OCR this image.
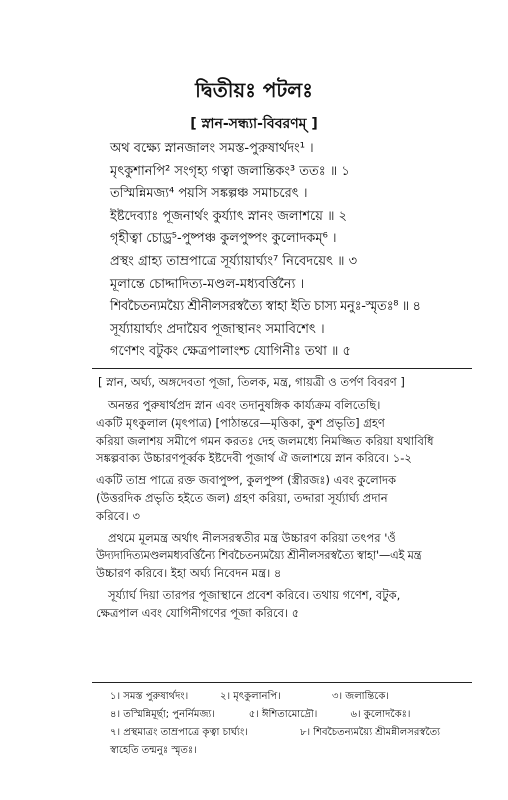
দ্বিতীয়ঃ পটলঃ
[ স্নান-সন্ধ্যা-বিবরণম্ ]
অথ বক্ষ্যে স্নানজালং সমস্ত-পুরুষার্থদং¹ ।
মৃৎকুশানপি² সংগৃহ্য গত্বা জলান্তিকং³ ততঃ ॥ ১
তস্মিন্নিমজ্য⁴ পয়সি সঙ্কল্পঞ্চ সমাচরেৎ ।
ইষ্টদেব্যাঃ পূজনার্থং কুর্য্যাৎ স্নানং জলাশয়ে ॥ ২
গৃহীত্বা চোড্র⁵-পুষ্পঞ্চ কুলপুষ্পং কুলোদকম্⁶ ।
প্রস্থং গ্রাহ্য তাম্রপাত্রে সূর্য্যায়ার্ঘ্যং⁷ নিবেদয়েৎ ॥ ৩
মূলান্তে চোদ্দাদিত্য-মণ্ডল-মধ্যবর্ত্তিন্যৈ ।
শিবচৈতন্যময়্যৈ শ্রীনীলসরস্বত্যৈ স্বাহা ইতি চাস্য মনুঃ-স্মৃতঃ⁸ ॥ ৪
সূর্য্যায়ার্ঘ্যং প্রদায়ৈব পূজাস্থানং সমাবিশেৎ ।
গণেশং বটুকং ক্ষেত্রপালাংশ্চ যোগিনীঃ তথা ॥ ৫
[ স্নান, অর্ঘ্য, অঙ্গদেবতা পূজা, তিলক, মন্ত্র, গায়ত্রী ও তর্পণ বিবরণ ]
অনন্তর পুরুষার্থপ্রদ স্নান এবং তদানুষঙ্গিক কার্য্যক্রম বলিতেছি।
একটি মৃৎকুলাল (মৃৎপাত্র) [পাঠান্তরে—মৃত্তিকা, কুশ প্রভৃতি] গ্রহণ
করিয়া জলাশয় সমীপে গমন করতঃ দেহ জলমধ্যে নিমজ্জিত করিয়া যথাবিধি
সঙ্কল্পবাক্য উচ্চারণপূর্ব্বক ইষ্টদেবী পূজার্থ ঐ জলাশয়ে স্নান করিবে। ১-২
একটি তাম্র পাত্রে রক্ত জবাপুষ্প, কুলপুষ্প (স্ত্রীরজঃ) এবং কুলোদক
(উত্তরদিক প্রভৃতি হইতে জল) গ্রহণ করিয়া, তদ্দারা সূর্য্যার্ঘ্য প্রদান
করিবে। ৩
প্রথমে মূলমন্ত্র অর্থাৎ নীলসরস্বতীর মন্ত্র উচ্চারণ করিয়া তৎপর 'ওঁ
উদ্যদাদিত্যমণ্ডলমধ্যবর্ত্তিন্যৈ শিবচৈতন্যময়্যৈ শ্রীনীলসরস্বত্যৈ স্বাহা'—এই মন্ত্র
উচ্চারণ করিবে। ইহা অর্ঘ্য নিবেদন মন্ত্র। ৪
সূর্য্যার্ঘ দিয়া তারপর পূজাস্থানে প্রবেশ করিবে। তথায় গণেশ, বটুক,
ক্ষেত্রপাল এবং যোগিনীগণের পূজা করিবে। ৫
১। সমস্ত পুরুষার্থদং।	২। মৃৎকুলানপি।	৩। জলান্তিকে।
৪। তস্মিন্নিমূর্ছা; পুনর্নিমজ্য।	৫। ঈশিতামোদ্রৌ।	৬। কুলোদকৈঃ।
৭। প্রস্থমাত্রং তাম্রপাত্রে কৃত্বা চার্ঘ্যং।	৮। শিবচৈতন্যময়্যৈ শ্রীমন্নীলসরস্বত্যৈ
স্বাহেতি তন্মনুঃ স্মৃতঃ।
